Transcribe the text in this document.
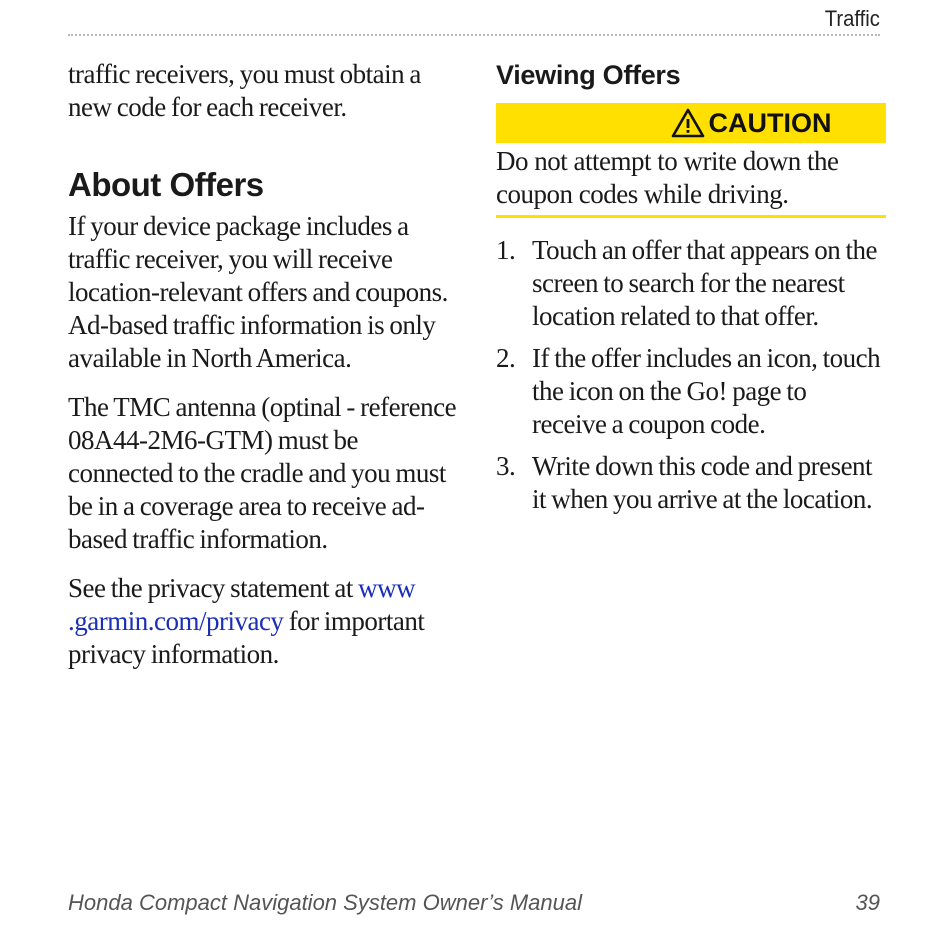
Traffic

traffic receivers, you must obtain a new code for each receiver.

About Offers

If your device package includes a traffic receiver, you will receive location-relevant offers and coupons. Ad-based traffic information is only available in North America.

The TMC antenna (optinal - reference 08A44-2M6-GTM) must be connected to the cradle and you must be in a coverage area to receive ad-based traffic information.

See the privacy statement at www .garmin.com/privacy for important privacy information.

Viewing Offers
CAUTION

Do not attempt to write down the coupon codes while driving.

1. Touch an offer that appears on the screen to search for the nearest location related to that offer.
2. If the offer includes an icon, touch the icon on the Go! page to receive a coupon code.
3. Write down this code and present it when you arrive at the location.
Honda Compact Navigation System Owner’s Manual	39
